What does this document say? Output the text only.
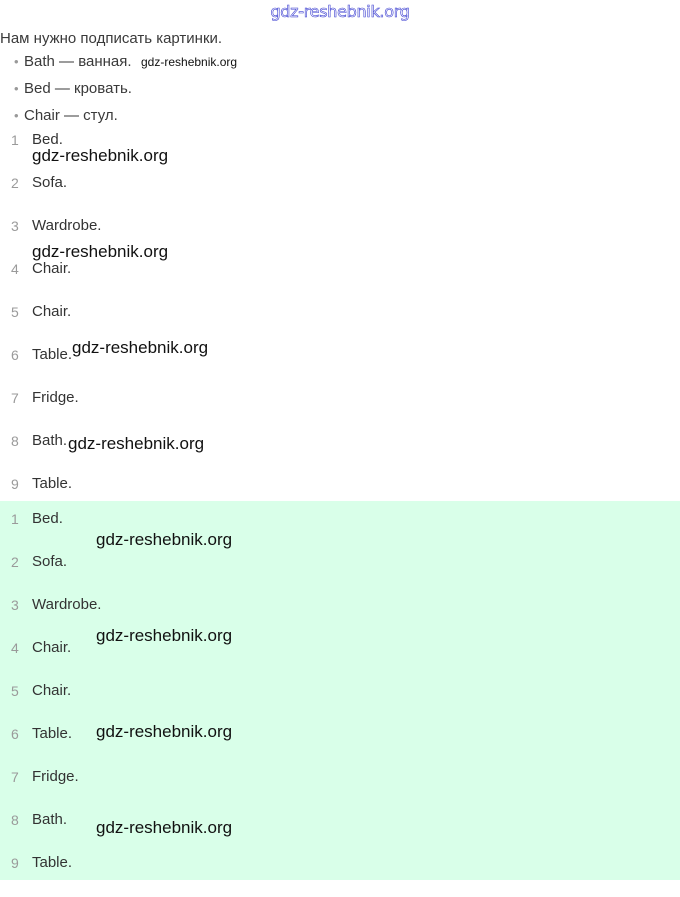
gdz-reshebnik.org
Нам нужно подписать картинки.
• Bath — ванная.
• Bed — кровать.
• Chair — стул.
1 Bed.
2 Sofa.
3 Wardrobe.
4 Chair.
5 Chair.
6 Table.
7 Fridge.
8 Bath.
9 Table.
1 Bed.
2 Sofa.
3 Wardrobe.
4 Chair.
5 Chair.
6 Table.
7 Fridge.
8 Bath.
9 Table.
gdz-reshebnik.org
gdz-reshebnik.org
gdz-reshebnik.org
gdz-reshebnik.org
gdz-reshebnik.org
gdz-reshebnik.org
gdz-reshebnik.org
gdz-reshebnik.org
gdz-reshebnik.org
